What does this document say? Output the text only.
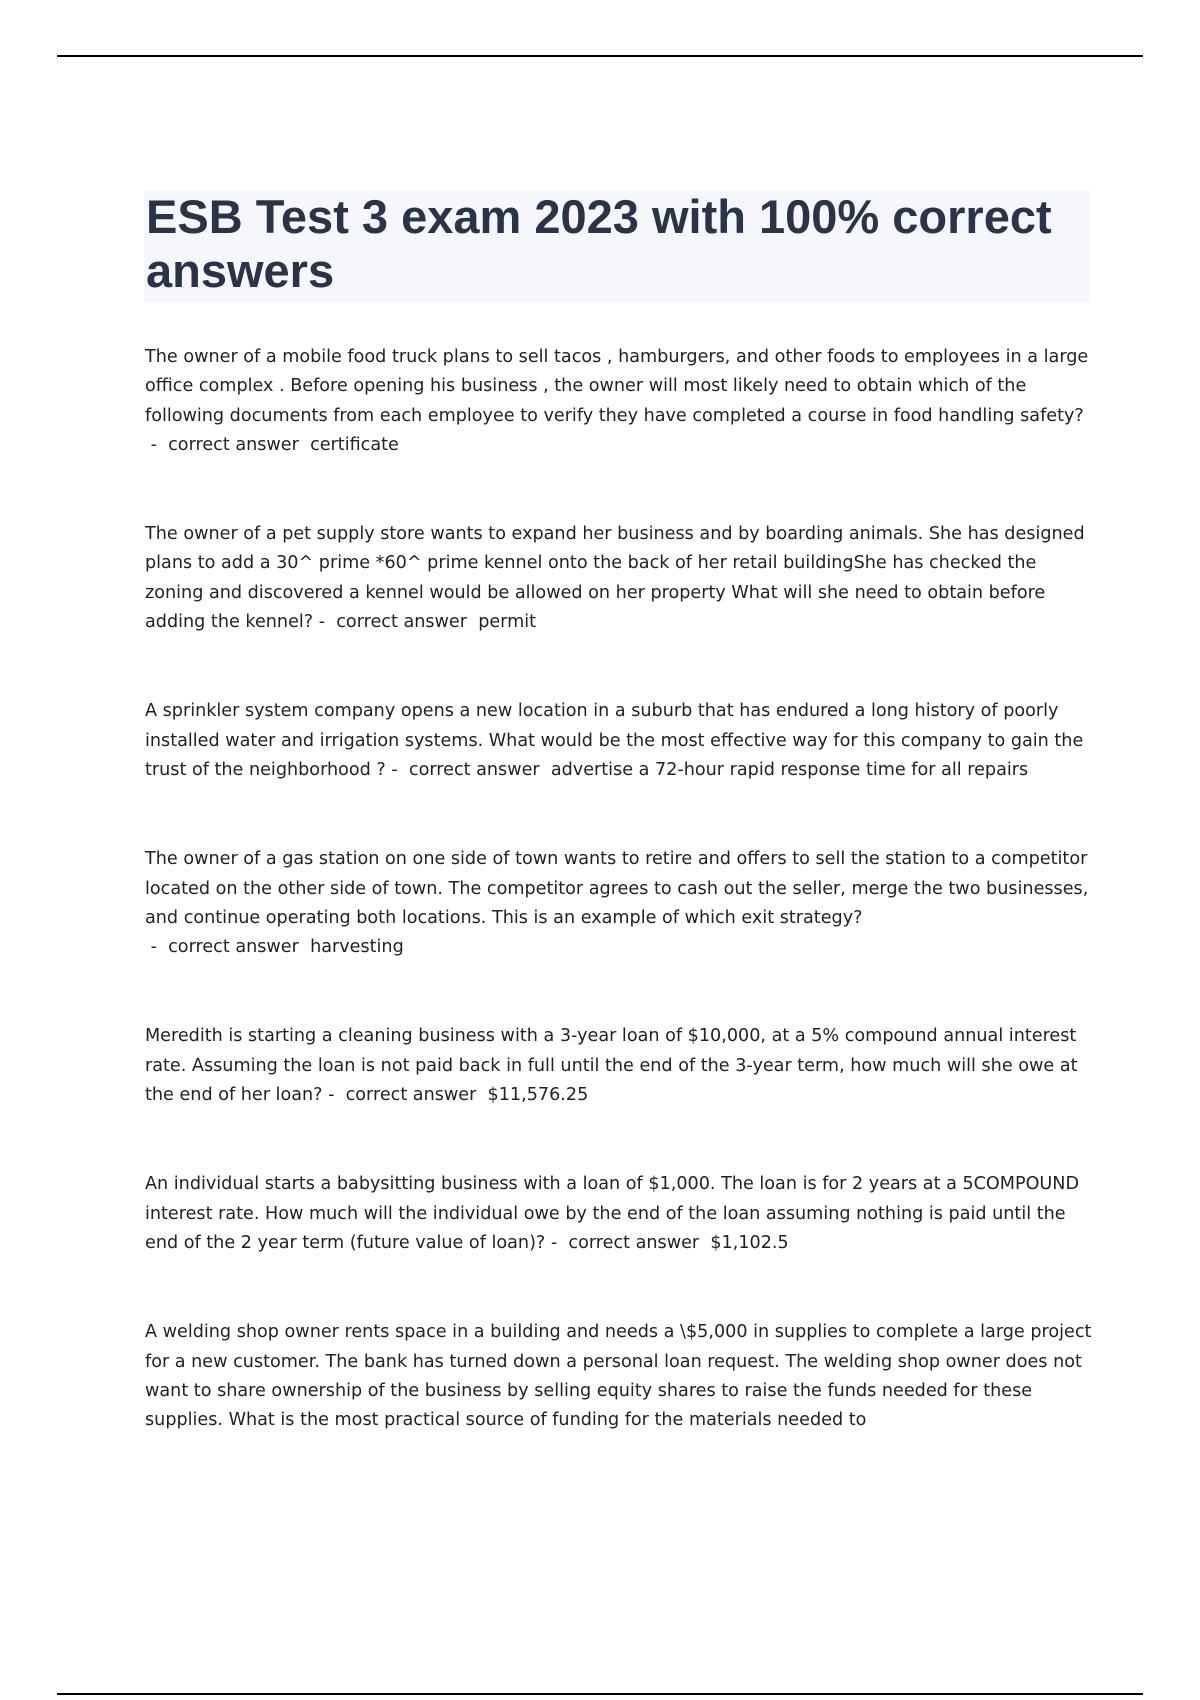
ESB Test 3 exam 2023 with 100% correct answers

The owner of a mobile food truck plans to sell tacos , hamburgers, and other foods to employees in a large office complex . Before opening his business , the owner will most likely need to obtain which of the following documents from each employee to verify they have completed a course in food handling safety? -  correct answer  certificate

The owner of a pet supply store wants to expand her business and by boarding animals. She has designed plans to add a 30^ prime *60^ prime kennel onto the back of her retail buildingShe has checked the zoning and discovered a kennel would be allowed on her property What will she need to obtain before adding the kennel? -  correct answer  permit

A sprinkler system company opens a new location in a suburb that has endured a long history of poorly installed water and irrigation systems. What would be the most effective way for this company to gain the trust of the neighborhood ? -  correct answer  advertise a 72-hour rapid response time for all repairs

The owner of a gas station on one side of town wants to retire and offers to sell the station to a competitor located on the other side of town. The competitor agrees to cash out the seller, merge the two businesses, and continue operating both locations. This is an example of which exit strategy? -  correct answer  harvesting

Meredith is starting a cleaning business with a 3-year loan of $10,000, at a 5% compound annual interest rate. Assuming the loan is not paid back in full until the end of the 3-year term, how much will she owe at the end of her loan? -  correct answer  $11,576.25

An individual starts a babysitting business with a loan of $1,000. The loan is for 2 years at a 5COMPOUND interest rate. How much will the individual owe by the end of the loan assuming nothing is paid until the end of the 2 year term (future value of loan)? -  correct answer  $1,102.5

A welding shop owner rents space in a building and needs a \$5,000 in supplies to complete a large project for a new customer. The bank has turned down a personal loan request. The welding shop owner does not want to share ownership of the business by selling equity shares to raise the funds needed for these supplies. What is the most practical source of funding for the materials needed to
